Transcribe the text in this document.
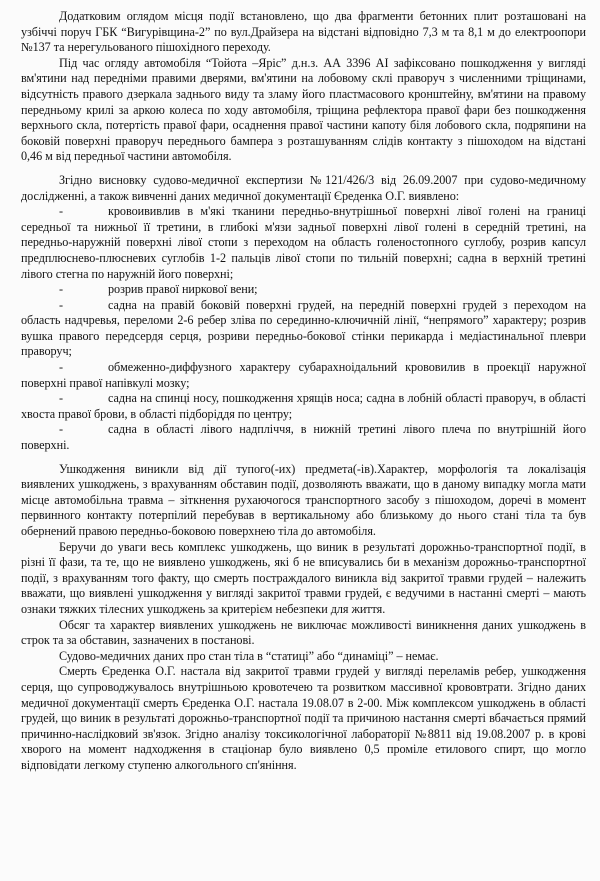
Додатковим оглядом місця події встановлено, що два фрагменти бетонних плит розташовані на узбіччі поруч ГБК “Вигурівщина-2” по вул.Драйзера на відстані відповідно 7,3 м та 8,1 м до електроопори №137 та нерегульованого пішохідного переходу.

Під час огляду автомобіля “Тойота –Яріс” д.н.з. АА 3396 АІ зафіксовано пошкодження у вигляді вм'ятини над передніми правими дверями, вм'ятини на лобовому склі праворуч з численними тріщинами, відсутність правого дзеркала заднього виду та зламу його пластмасового кронштейну, вм'ятини на правому передньому крилі за аркою колеса по ходу автомобіля, тріщина рефлектора правої фари без пошкодження верхнього скла, потертість правої фари, осаднення правої частини капоту біля лобового скла, подряпини на боковій поверхні праворуч переднього бампера з розташуванням слідів контакту з пішоходом на відстані 0,46 м від передньої частини автомобіля.

Згідно висновку судово-медичної експертизи №121/426/3 від 26.09.2007 при судово-медичному дослідженні, а також вивченні даних медичної документації Єреденка О.Г. виявлено:

-	кровоививлив в м'які тканини передньо-внутрішньої поверхні лівої голені на границі середньої та нижньої її третини, в глибокі м'язи задньої поверхні лівої голені в середній третині, на передньо-наружній поверхні лівої стопи з переходом на область голеностопного суглобу, розрив капсул предплюснево-плюсневих суглобів 1-2 пальців лівої стопи по тильній поверхні; садна в верхній третині лівого стегна по наружній його поверхні;

-	розрив правої ниркової вени;

-	садна на правій боковій поверхні грудей, на передній поверхні грудей з переходом на область надчревья, переломи 2-6 ребер зліва по серединно-ключичній лінії, “непрямого” характеру; розрив вушка правого передсердя серця, розриви передньо-бокової стінки перикарда і медіастинальної плеври праворуч;

-	обмеженно-диффузного характеру субарахноідальний крововилив в проекції наружної поверхні правої напівкулі мозку;

-	садна на спинці носу, пошкодження хрящів носа; садна в лобній області праворуч, в області хвоста правої брови, в області підборіддя по центру;

-	садна в області лівого надпліччя, в нижній третині лівого плеча по внутрішній його поверхні.

Ушкодження виникли від дії тупого(-их) предмета(-ів).Характер, морфологія та локалізація виявлених ушкоджень, з врахуванням обставин події, дозволяють вважати, що в даному випадку могла мати місце автомобільна травма – зіткнення рухаючогося транспортного засобу з пішоходом, доречі в момент первинного контакту потерпілий перебував в вертикальному або близькому до нього стані тіла та був обернений правою передньо-боковою поверхнею тіла до автомобіля.

Беручи до уваги весь комплекс ушкоджень, що виник в результаті дорожньо-транспортної події, в різні її фази, та те, що не виявлено ушкоджень, які б не вписувались би в механізм дорожньо-транспортної події, з врахуванням того факту, що смерть постраждалого виникла від закритої травми грудей – належить вважати, що виявлені ушкодження у вигляді закритої травми грудей, є ведучими в настанні смерті – мають ознаки тяжких тілесних ушкоджень за критерієм небезпеки для життя.

Обсяг та характер виявлених ушкоджень не виключає можливості виникнення даних ушкоджень в строк та за обставин, зазначених в постанові.

Судово-медичних даних про стан тіла в “статиці” або “динаміці” – немає.

Смерть Єреденка О.Г. настала від закритої травми грудей у вигляді переламів ребер, ушкодження серця, що супроводжувалось внутрішньою кровотечею та розвитком массивної крововтрати. Згідно даних медичної документації смерть Єреденка О.Г. настала 19.08.07 в 2-00. Між комплексом ушкоджень в області грудей, що виник в результаті дорожньо-транспортної події та причиною настання смерті вбачається прямий причинно-наслідковий зв'язок. Згідно аналізу токсикологічної лабораторії №8811 від 19.08.2007 р. в крові хворого на момент надходження в стаціонар було виявлено 0,5 проміле етилового спирт, що могло відповідати легкому ступеню алкогольного сп'яніння.
